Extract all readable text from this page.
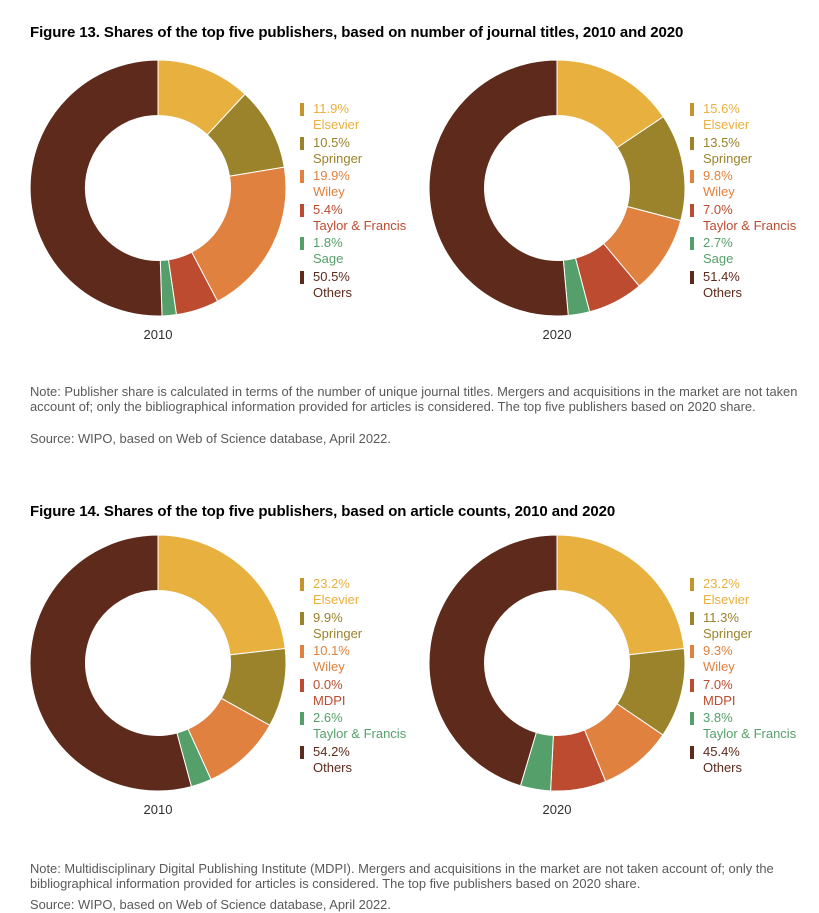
Figure 13. Shares of the top five publishers, based on number of journal titles, 2010 and 2020
11.9%
Elsevier
10.5%
Springer
19.9%
Wiley
5.4%
Taylor & Francis
1.8%
Sage
50.5%
Others
2010
15.6%
Elsevier
13.5%
Springer
9.8%
Wiley
7.0%
Taylor & Francis
2.7%
Sage
51.4%
Others
2020

Note: Publisher share is calculated in terms of the number of unique journal titles. Mergers and acquisitions in the market are not taken account of; only the bibliographical information provided for articles is considered. The top five publishers based on 2020 share.

Source: WIPO, based on Web of Science database, April 2022.

Figure 14. Shares of the top five publishers, based on article counts, 2010 and 2020
23.2%
Elsevier
9.9%
Springer
10.1%
Wiley
0.0%
MDPI
2.6%
Taylor & Francis
54.2%
Others
2010
23.2%
Elsevier
11.3%
Springer
9.3%
Wiley
7.0%
MDPI
3.8%
Taylor & Francis
45.4%
Others
2020

Note: Multidisciplinary Digital Publishing Institute (MDPI). Mergers and acquisitions in the market are not taken account of; only the bibliographical information provided for articles is considered. The top five publishers based on 2020 share.

Source: WIPO, based on Web of Science database, April 2022.
